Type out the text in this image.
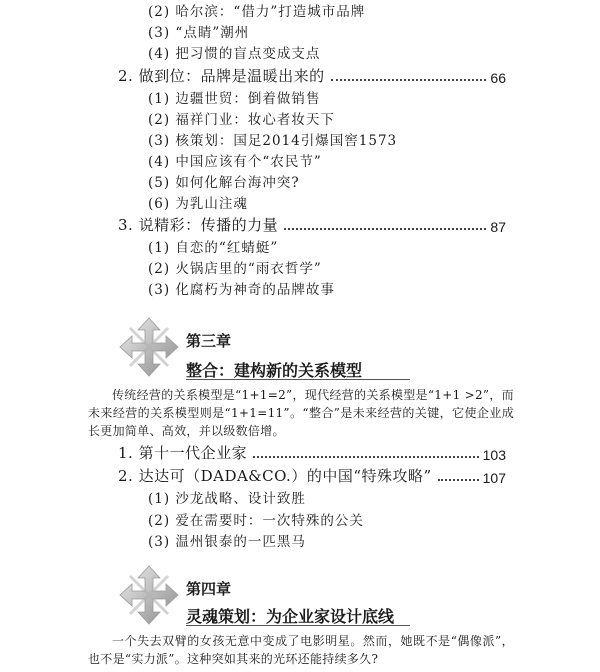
(2) 哈尔滨：“借力”打造城市品牌
(3) “点睛”潮州
(4) 把习惯的盲点变成支点
2. 做到位：品牌是温暖出来的	66
(1) 边疆世贸：倒着做销售
(2) 福祥门业：妆心者妆天下
(3) 核策划：国足2014引爆国窖1573
(4) 中国应该有个“农民节”
(5) 如何化解台海冲突?
(6) 为乳山注魂
3. 说精彩：传播的力量	87
(1) 自恋的“红蜻蜓”
(2) 火锅店里的“雨衣哲学”
(3) 化腐朽为神奇的品牌故事
第三章
整合：建构新的关系模型
传统经营的关系模型是“1+1=2”，现代经营的关系模型是“1+1 >2”，而未来经营的关系模型则是“1+1=11”。“整合”是未来经营的关键，它使企业成长更加简单、高效，并以级数倍增。
1. 第十一代企业家	103
2. 达达可（DADA&CO.）的中国“特殊攻略”	107
(1) 沙龙战略、设计致胜
(2) 爱在需要时：一次特殊的公关
(3) 温州银泰的一匹黑马
第四章
灵魂策划：为企业家设计底线
一个失去双臂的女孩无意中变成了电影明星。然而，她既不是“偶像派”，也不是“实力派”。这种突如其来的光环还能持续多久?
